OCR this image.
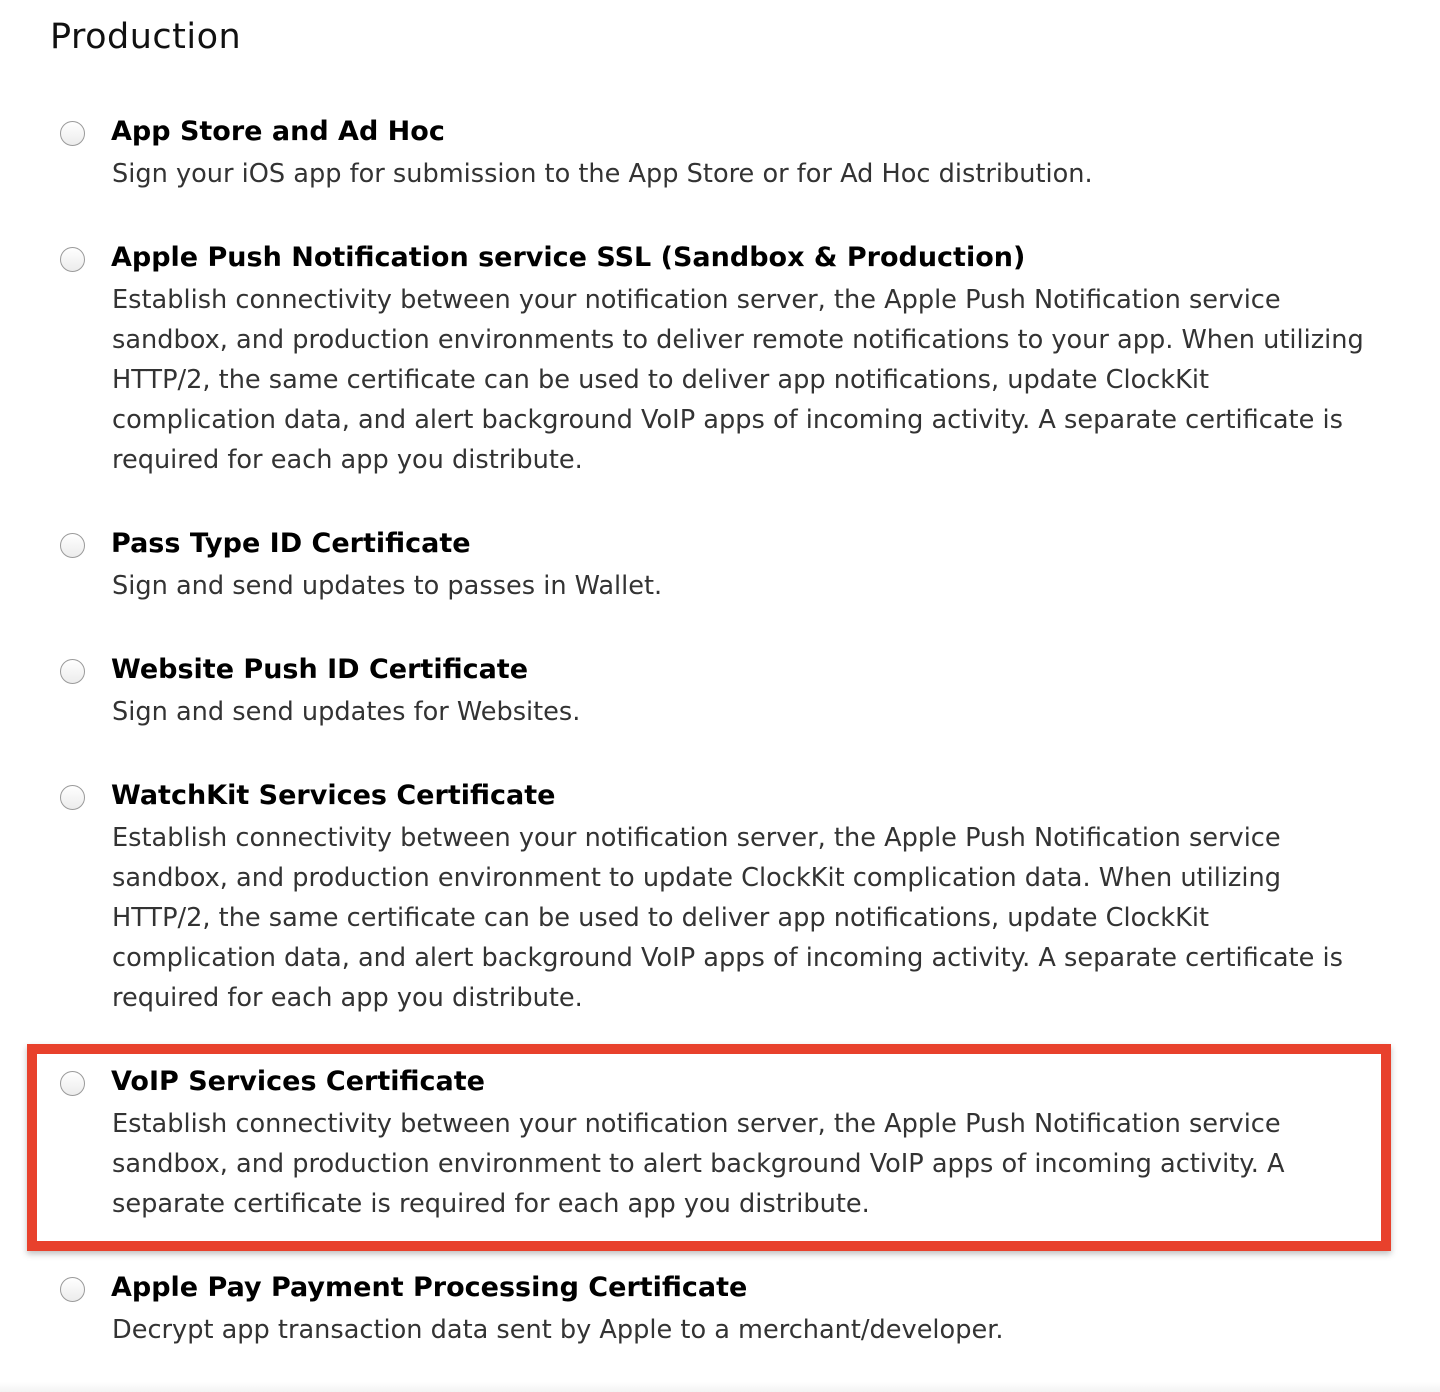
Production
App Store and Ad Hoc
Sign your iOS app for submission to the App Store or for Ad Hoc distribution.
Apple Push Notification service SSL (Sandbox & Production)
Establish connectivity between your notification server, the Apple Push Notification service sandbox, and production environments to deliver remote notifications to your app. When utilizing HTTP/2, the same certificate can be used to deliver app notifications, update ClockKit complication data, and alert background VoIP apps of incoming activity. A separate certificate is required for each app you distribute.
Pass Type ID Certificate
Sign and send updates to passes in Wallet.
Website Push ID Certificate
Sign and send updates for Websites.
WatchKit Services Certificate
Establish connectivity between your notification server, the Apple Push Notification service sandbox, and production environment to update ClockKit complication data. When utilizing HTTP/2, the same certificate can be used to deliver app notifications, update ClockKit complication data, and alert background VoIP apps of incoming activity. A separate certificate is required for each app you distribute.
VoIP Services Certificate
Establish connectivity between your notification server, the Apple Push Notification service sandbox, and production environment to alert background VoIP apps of incoming activity. A separate certificate is required for each app you distribute.
Apple Pay Payment Processing Certificate
Decrypt app transaction data sent by Apple to a merchant/developer.
